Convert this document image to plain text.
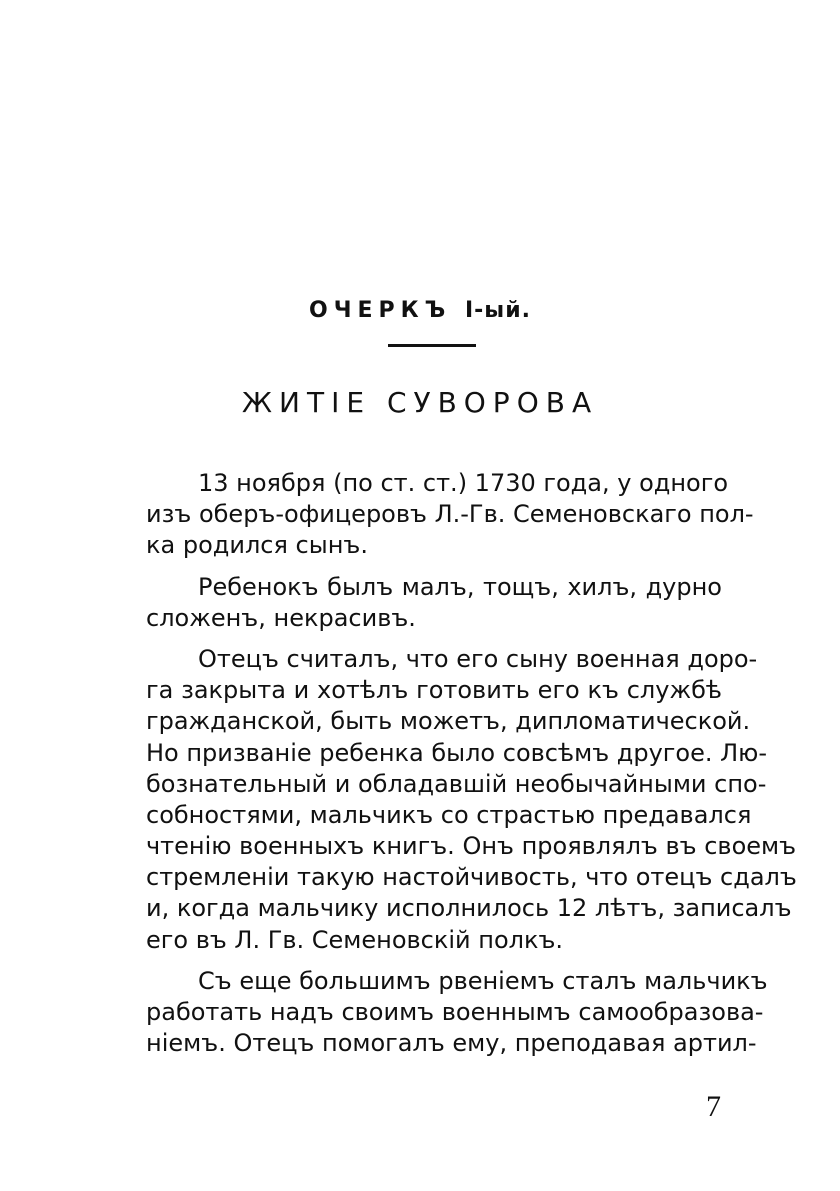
ОЧЕРКЪ I-ый.
ЖИТІЕ СУВОРОВА
13 ноября (по ст. ст.) 1730 года, у одного
изъ оберъ-офицеровъ Л.-Гв. Семеновскаго пол-
ка родился сынъ.
Ребенокъ былъ малъ, тощъ, хилъ, дурно
сложенъ, некрасивъ.
Отецъ считалъ, что его сыну военная доро-
га закрыта и хотѣлъ готовить его къ службѣ
гражданской, быть можетъ, дипломатической.
Но призванiе ребенка было совсѣмъ другое. Лю-
бознательный и обладавшiй необычайными спо-
собностями, мальчикъ со страстью предавался
чтенiю военныхъ книгъ. Онъ проявлялъ въ своемъ
стремленiи такую настойчивость, что отецъ сдалъ
и, когда мальчику исполнилось 12 лѣтъ, записалъ
его въ Л. Гв. Семеновскiй полкъ.
Съ еще большимъ рвенiемъ сталъ мальчикъ
работать надъ своимъ военнымъ самообразова-
нiемъ. Отецъ помогалъ ему, преподавая артил-
7
